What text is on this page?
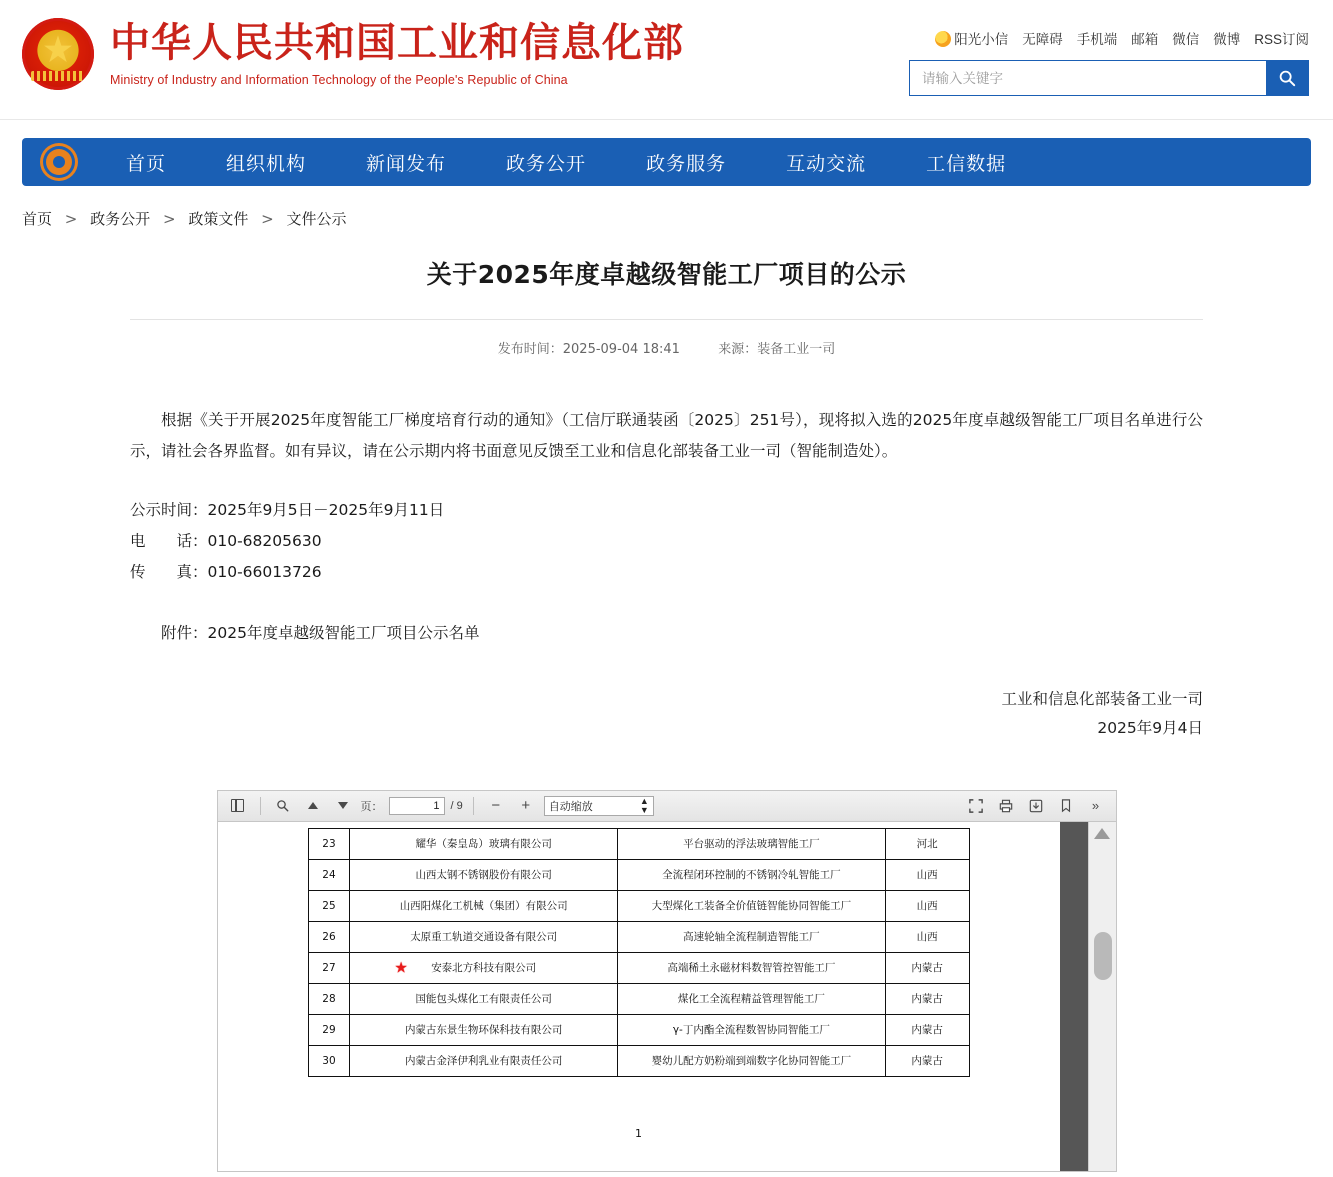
★
中华人民共和国工业和信息化部
Ministry of Industry and Information Technology of the People's Republic of China
阳光小信 无障碍 手机端 邮箱 微信 微博 RSS订阅
请输入关键字
首页	组织机构	新闻发布	政务公开	政务服务	互动交流	工信数据
首页 > 政务公开 > 政策文件 > 文件公示
关于2025年度卓越级智能工厂项目的公示
发布时间：2025-09-04 18:41	来源：装备工业一司

根据《关于开展2025年度智能工厂梯度培育行动的通知》（工信厅联通装函〔2025〕251号），现将拟入选的2025年度卓越级智能工厂项目名单进行公示，请社会各界监督。如有异议，请在公示期内将书面意见反馈至工业和信息化部装备工业一司（智能制造处）。

公示时间：2025年9月5日－2025年9月11日

电　　话：010-68205630

传　　真：010-66013726

附件：2025年度卓越级智能工厂项目公示名单

工业和信息化部装备工业一司
2025年9月4日
页：
1	/ 9 − + 自动缩放	▲
▼	»
23	耀华（秦皇岛）玻璃有限公司	平台驱动的浮法玻璃智能工厂	河北
24	山西太钢不锈钢股份有限公司	全流程闭环控制的不锈钢冷轧智能工厂	山西
25	山西阳煤化工机械（集团）有限公司	大型煤化工装备全价值链智能协同智能工厂	山西
26	太原重工轨道交通设备有限公司	高速轮轴全流程制造智能工厂	山西
27	★ 安泰北方科技有限公司	高端稀土永磁材料数智管控智能工厂	内蒙古
28	国能包头煤化工有限责任公司	煤化工全流程精益管理智能工厂	内蒙古
29	内蒙古东景生物环保科技有限公司	γ-丁内酯全流程数智协同智能工厂	内蒙古
30	内蒙古金泽伊利乳业有限责任公司	婴幼儿配方奶粉端到端数字化协同智能工厂	内蒙古
1
